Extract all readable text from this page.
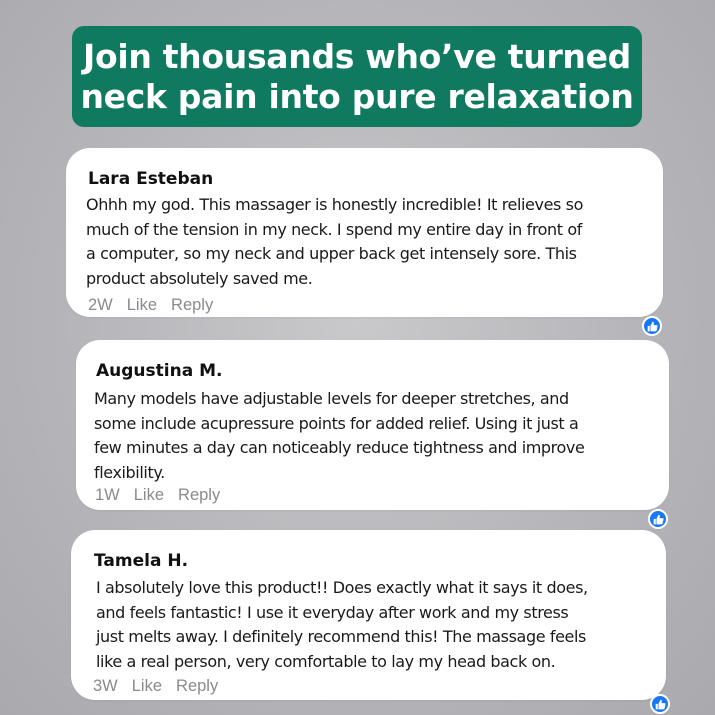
Join thousands who’ve turned
neck pain into pure relaxation
Lara Esteban
Ohhh my god. This massager is honestly incredible! It relieves so
much of the tension in my neck. I spend my entire day in front of
a computer, so my neck and upper back get intensely sore. This
product absolutely saved me.
2W Like Reply
Augustina M.
Many models have adjustable levels for deeper stretches, and
some include acupressure points for added relief. Using it just a
few minutes a day can noticeably reduce tightness and improve
flexibility.
1W Like Reply
Tamela H.
I absolutely love this product!! Does exactly what it says it does,
and feels fantastic! I use it everyday after work and my stress
just melts away. I definitely recommend this! The massage feels
like a real person, very comfortable to lay my head back on.
3W Like Reply
